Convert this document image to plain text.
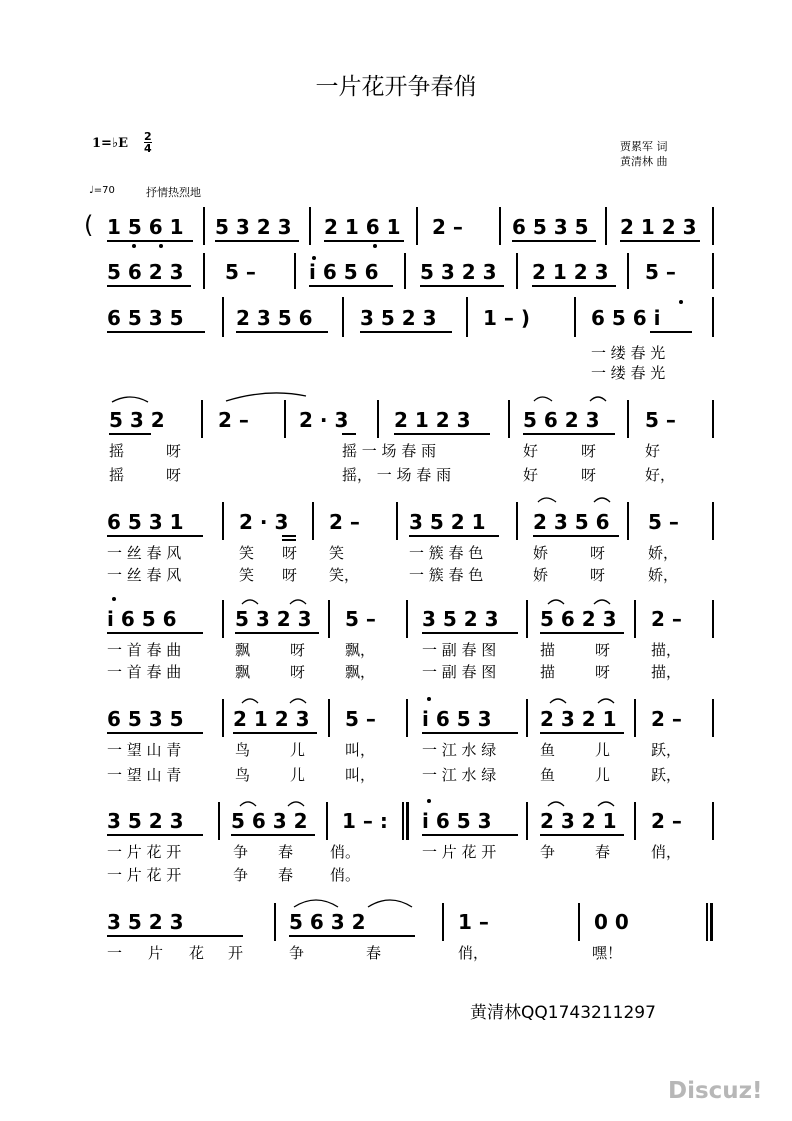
一片花开争春俏
1=♭E $\frac{2}{4}$
♩=70	抒情热烈地
贾累军 词
黄清林 曲
( 1 5 6 1 5 3 2 3 2 1 6 1 2 – 6 5 3 5 2 1 2 3
5 6 2 3 5 –	i 6 5 6 5 3 2 3 2 1 2 3 5 –
6 5 3 5	2 3 5 6 3 5 2 3 1 – )	6 5 6 i
一 缕 春 光
一 缕 春 光
5 3 2	2 –	2 · 3 2 1 2 3	5 6 2 3 5 –
摇	呀	摇 一 场 春 雨	好	呀	好
摇	呀	摇， 一 场 春 雨	好	呀	好，
6 5 3 1	2 · 3 2 – 3 5 2 1 2 3 5 6 5 –
一 丝 春 风	笑 呀 笑	一 簇 春 色	娇	呀	娇，
一 丝 春 风	笑 呀 笑，	一 簇 春 色	娇	呀	娇，
i 6 5 6	5 3 2 3 5 – 3 5 2 3 5 6 2 3 2 –
一 首 春 曲	飘	呀	飘，	一 副 春 图	描	呀	描，
一 首 春 曲	飘	呀	飘，	一 副 春 图	描	呀	描，
6 5 3 5 2 1 2 3 5 – i 6 5 3 2 3 2 1 2 –
一 望 山 青	鸟	儿	叫，	一 江 水 绿	鱼	儿	跃，
一 望 山 青	鸟	儿	叫，	一 江 水 绿	鱼	儿	跃，
3 5 2 3 5 6 3 2 1 – : i 6 5 3 2 3 2 1 2 –
一 片 花 开	争 春 俏。	一 片 花 开	争	春	俏，
一 片 花 开	争 春 俏。
3 5 2 3	5 6 3 2	1 –	0 0
一 片 花 开	争	春	俏，	嘿！
黄清林QQ1743211297
Discuz!
